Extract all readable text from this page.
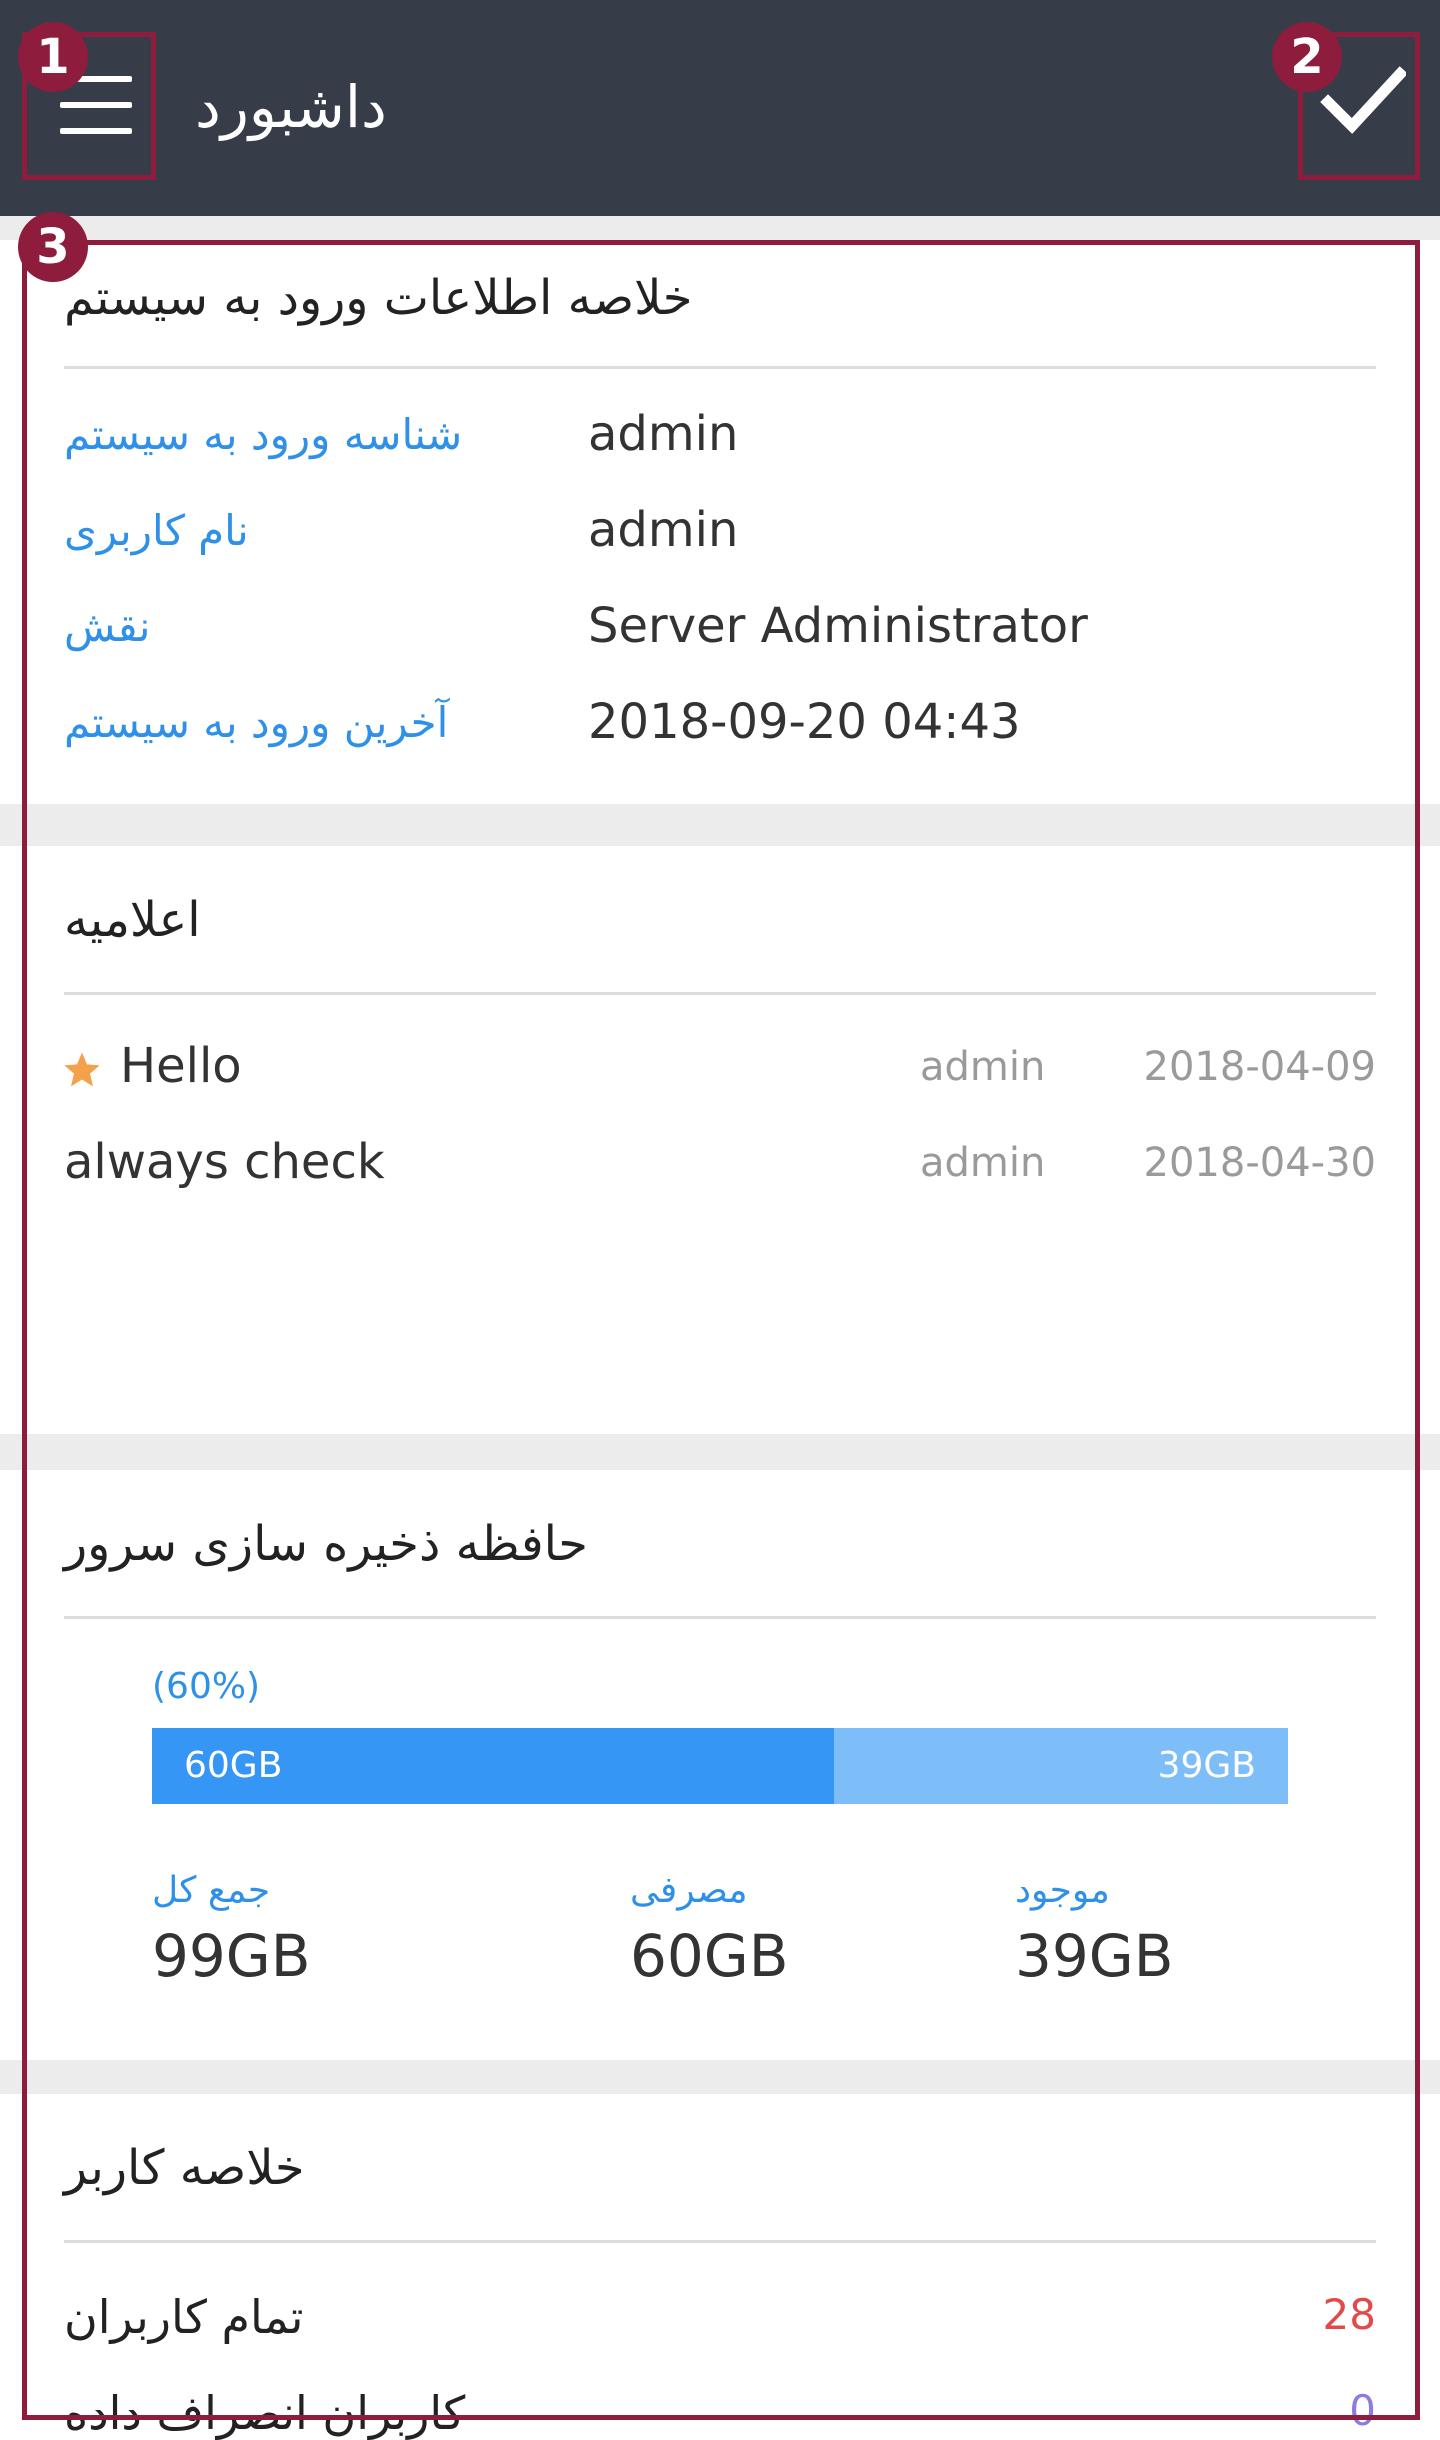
داشبورد
خلاصه اطلاعات ورود به سیستم
شناسه ورود به سیستم	admin
نام کاربری	admin
نقش	Server Administrator
آخرین ورود به سیستم	2018-09-20 04:43
اعلامیه
Hello	admin 2018-04-09
always check	admin 2018-04-30
حافظه ذخیره سازی سرور
(60%)
60GB	39GB
جمع کل
99GB
مصرفی
60GB
موجود
39GB
خلاصه کاربر
تمام کاربران	28
کاربران انصراف داده	0
1	2
3
